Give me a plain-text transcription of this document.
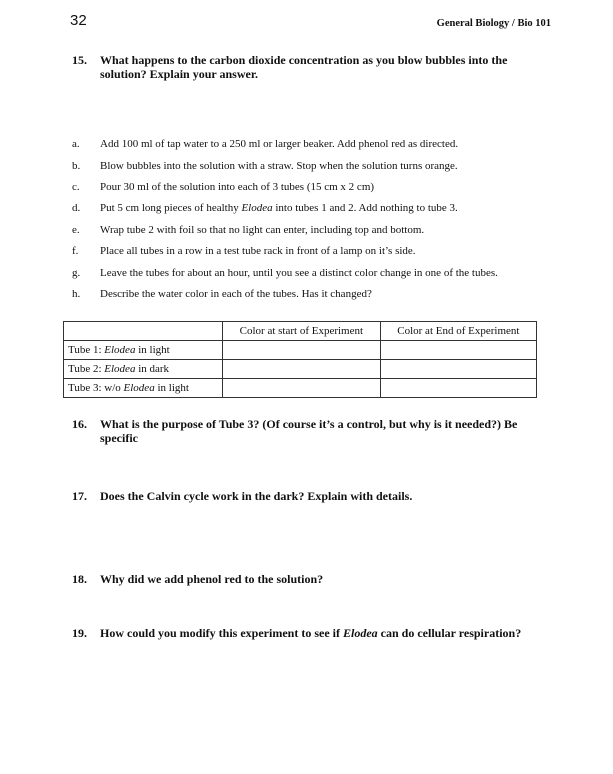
32	General Biology / Bio 101
15. What happens to the carbon dioxide concentration as you blow bubbles into the solution? Explain your answer.
a. Add 100 ml of tap water to a 250 ml or larger beaker. Add phenol red as directed.
b. Blow bubbles into the solution with a straw. Stop when the solution turns orange.
c. Pour 30 ml of the solution into each of 3 tubes (15 cm x 2 cm)
d. Put 5 cm long pieces of healthy Elodea into tubes 1 and 2. Add nothing to tube 3.
e. Wrap tube 2 with foil so that no light can enter, including top and bottom.
f. Place all tubes in a row in a test tube rack in front of a lamp on it’s side.
g. Leave the tubes for about an hour, until you see a distinct color change in one of the tubes.
h. Describe the water color in each of the tubes. Has it changed?
	Color at start of Experiment	Color at End of Experiment
Tube 1: Elodea in light		
Tube 2: Elodea in dark		
Tube 3: w/o Elodea in light		
16. What is the purpose of Tube 3? (Of course it’s a control, but why is it needed?) Be specific
17. Does the Calvin cycle work in the dark? Explain with details.
18. Why did we add phenol red to the solution?
19. How could you modify this experiment to see if Elodea can do cellular respiration?
